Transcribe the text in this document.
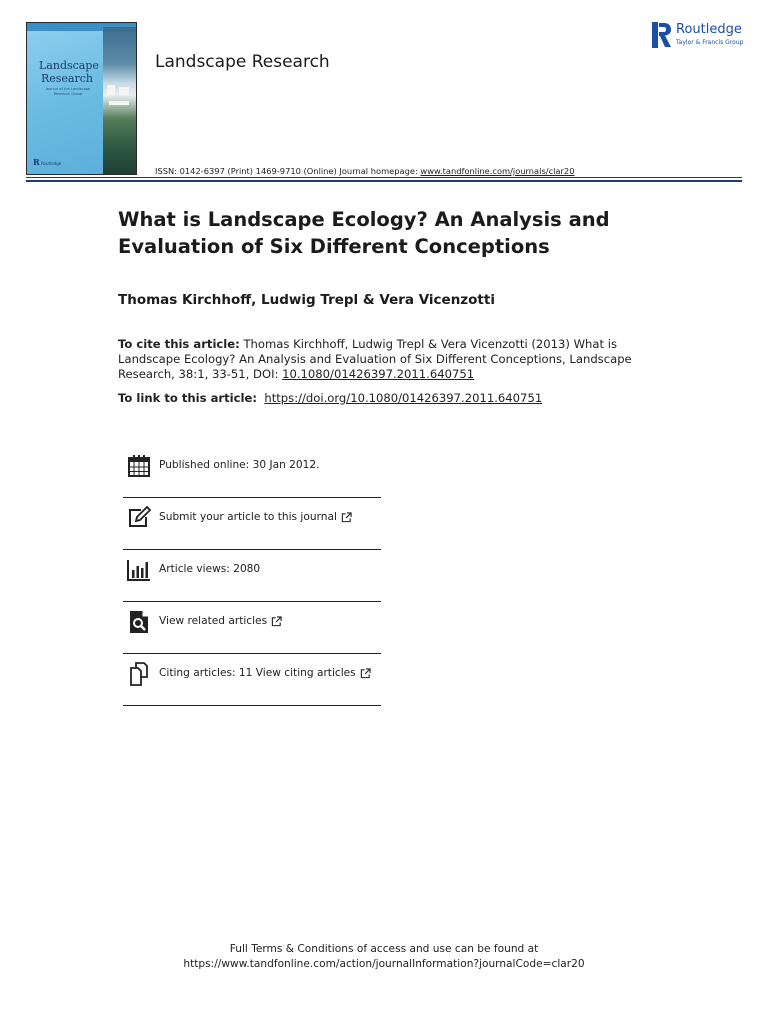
Landscape Research
Journal of the Landscape Research Group
R Routledge
Landscape Research
Routledge
Taylor & Francis Group
ISSN: 0142-6397 (Print) 1469-9710 (Online) Journal homepage: www.tandfonline.com/journals/clar20
What is Landscape Ecology? An Analysis and Evaluation of Six Different Conceptions
Thomas Kirchhoff, Ludwig Trepl & Vera Vicenzotti
To cite this article: Thomas Kirchhoff, Ludwig Trepl & Vera Vicenzotti (2013) What is Landscape Ecology? An Analysis and Evaluation of Six Different Conceptions, Landscape Research, 38:1, 33-51, DOI: 10.1080/01426397.2011.640751
To link to this article: https://doi.org/10.1080/01426397.2011.640751
Published online: 30 Jan 2012.
Submit your article to this journal
Article views: 2080
View related articles
Citing articles: 11 View citing articles
Full Terms & Conditions of access and use can be found at
https://www.tandfonline.com/action/journalInformation?journalCode=clar20
